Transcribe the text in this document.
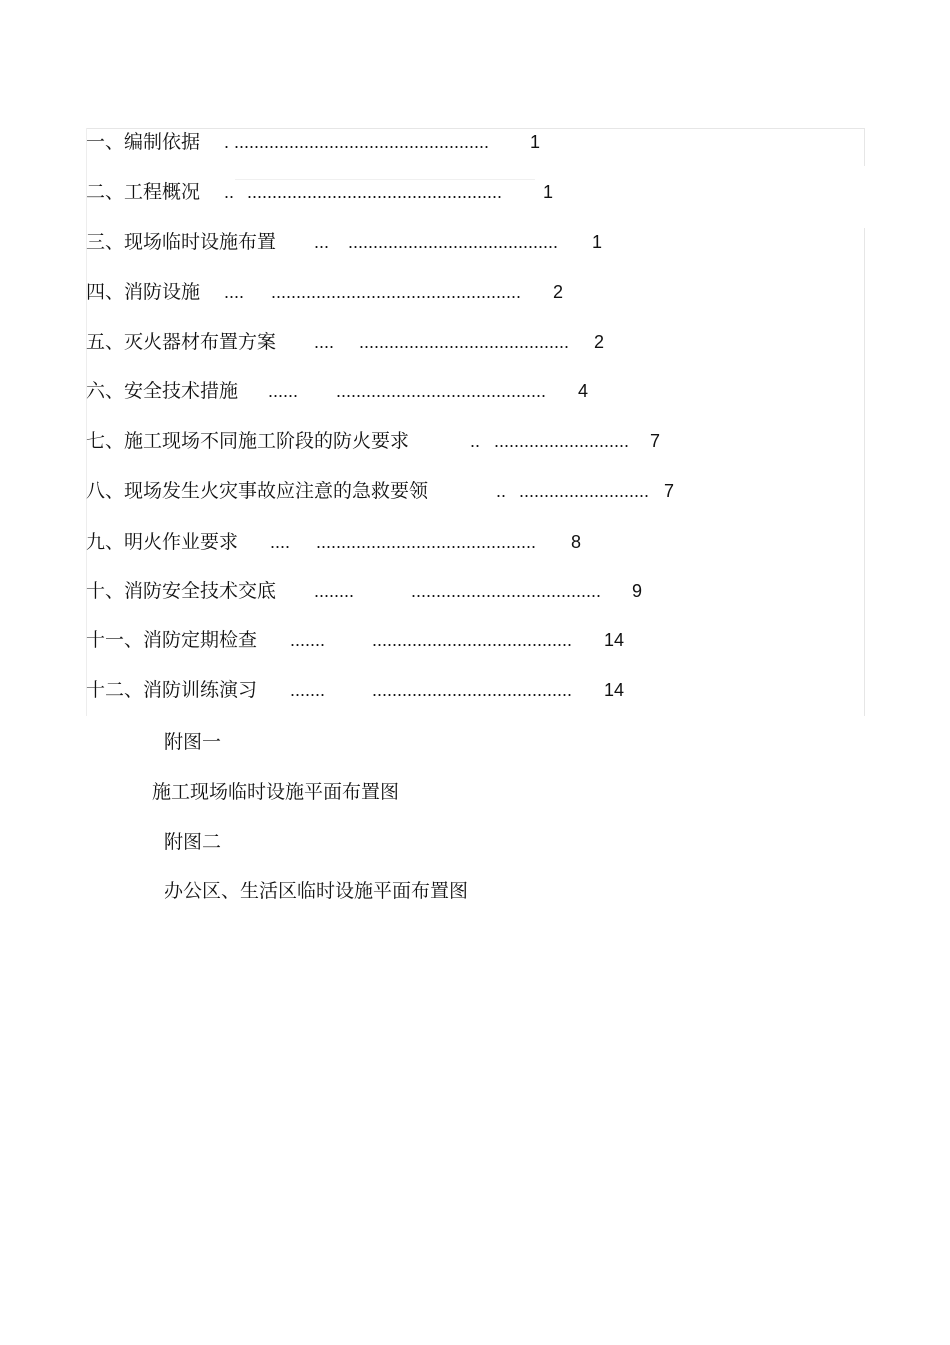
一、编制依据 . ................................................... 1
二、工程概况 .. ................................................... 1
三、现场临时设施布置 ... .......................................... 1
四、消防设施 .... .................................................. 2
五、灭火器材布置方案 .... .......................................... 2
六、安全技术措施 ...... .......................................... 4
七、施工现场不同施工阶段的防火要求	.. ........................... 7
八、现场发生火灾事故应注意的急救要领	.. .......................... 7
九、明火作业要求 .... ............................................ 8
十、消防安全技术交底 ........	...................................... 9
十一、消防定期检查 .......	........................................ 14
十二、消防训练演习 .......	........................................ 14
附图一
施工现场临时设施平面布置图
附图二
办公区、生活区临时设施平面布置图
